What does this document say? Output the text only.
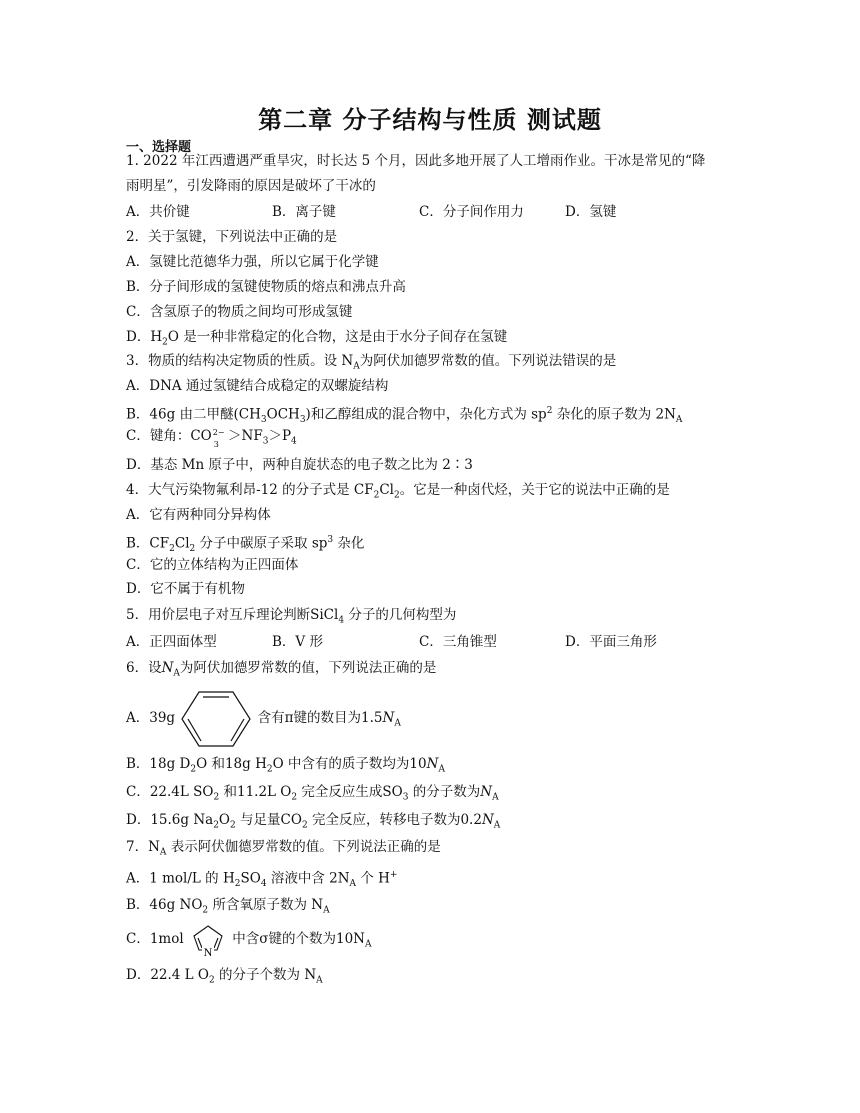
第二章 分子结构与性质 测试题
一、选择题
1. 2022 年江西遭遇严重旱灾，时长达 5 个月，因此多地开展了人工增雨作业。干冰是常见的“降
雨明星”，引发降雨的原因是破坏了干冰的
A．共价键	B．离子键	C．分子间作用力	D．氢键
2．关于氢键，下列说法中正确的是
A．氢键比范德华力强，所以它属于化学键
B．分子间形成的氢键使物质的熔点和沸点升高
C．含氢原子的物质之间均可形成氢键
D．$H_2O$ 是一种非常稳定的化合物，这是由于水分子间存在氢键
3．物质的结构决定物质的性质。设 $N_A$为阿伏加德罗常数的值。下列说法错误的是
A．DNA 通过氢键结合成稳定的双螺旋结构
B．46g 由二甲醚$(CH_3OCH_3)$和乙醇组成的混合物中，杂化方式为 $sp^2$ 杂化的原子数为 $2N_A$
C．键角：CO 2−
$3 >NF_3>P_4$
D．基态 Mn 原子中，两种自旋状态的电子数之比为 2∶3
4．大气污染物氟利昂-12 的分子式是 $CF_2Cl_2$。它是一种卤代烃，关于它的说法中正确的是
A．它有两种同分异构体
B．$CF_2Cl_2$ 分子中碳原子采取 $sp^3$ 杂化
C．它的立体结构为正四面体
D．它不属于有机物
5．用价层电子对互斥理论判断SiCl$_4$ 分子的几何构型为
A．正四面体型	B．V 形	C．三角锥型	D．平面三角形
6．设$N_A$为阿伏加德罗常数的值，下列说法正确的是
A．39g	含有π键的数目为$1.5N_A$
B．18g $D_2O$ 和18g $H_2O$ 中含有的质子数均为$10N_A$
C．22.4L $SO_2$ 和11.2L $O_2$ 完全反应生成$SO_3$ 的分子数为$N_A$
D．15.6g $Na_2O_2$ 与足量$CO_2$ 完全反应，转移电子数为$0.2N_A$
7．$N_A$ 表示阿伏伽德罗常数的值。下列说法正确的是
A．1 mol/L 的 $H_2SO_4$ 溶液中含 $2N_A$ 个 H+
B．46g $NO_2$ 所含氧原子数为 $N_A$
C．1mol
N
中含σ键的个数为$10N_A$
D．22.4 L $O_2$ 的分子个数为 $N_A$
